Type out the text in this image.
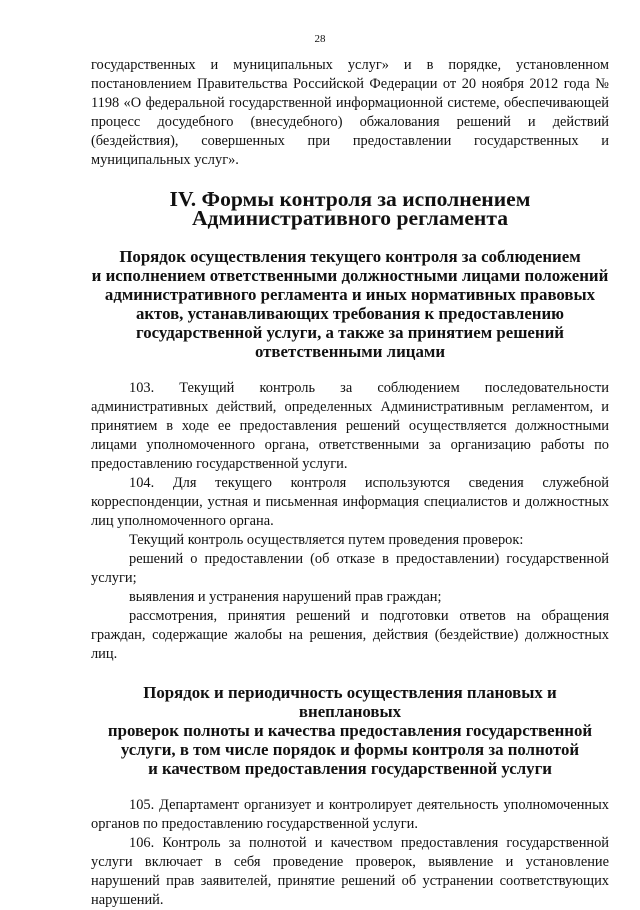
28

государственных и муниципальных услуг» и в порядке, установленном постановлением Правительства Российской Федерации от 20 ноября 2012 года № 1198 «О федеральной государственной информационной системе, обеспечивающей процесс досудебного (внесудебного) обжалования решений и действий (бездействия), совершенных при предоставлении государственных и муниципальных услуг».

IV. Формы контроля за исполнением
Административного регламента
Порядок осуществления текущего контроля за соблюдением
и исполнением ответственными должностными лицами положений
административного регламента и иных нормативных правовых
актов, устанавливающих требования к предоставлению
государственной услуги, а также за принятием решений
ответственными лицами

103. Текущий контроль за соблюдением последовательности административных действий, определенных Административным регламентом, и принятием в ходе ее предоставления решений осуществляется должностными лицами уполномоченного органа, ответственными за организацию работы по предоставлению государственной услуги.

104. Для текущего контроля используются сведения служебной корреспонденции, устная и письменная информация специалистов и должностных лиц уполномоченного органа.

Текущий контроль осуществляется путем проведения проверок:

решений о предоставлении (об отказе в предоставлении) государственной услуги;

выявления и устранения нарушений прав граждан;

рассмотрения, принятия решений и подготовки ответов на обращения граждан, содержащие жалобы на решения, действия (бездействие) должностных лиц.

Порядок и периодичность осуществления плановых и внеплановых
проверок полноты и качества предоставления государственной
услуги, в том числе порядок и формы контроля за полнотой
и качеством предоставления государственной услуги

105. Департамент организует и контролирует деятельность уполномоченных органов по предоставлению государственной услуги.

106. Контроль за полнотой и качеством предоставления государственной услуги включает в себя проведение проверок, выявление и установление нарушений прав заявителей, принятие решений об устранении соответствующих нарушений.
